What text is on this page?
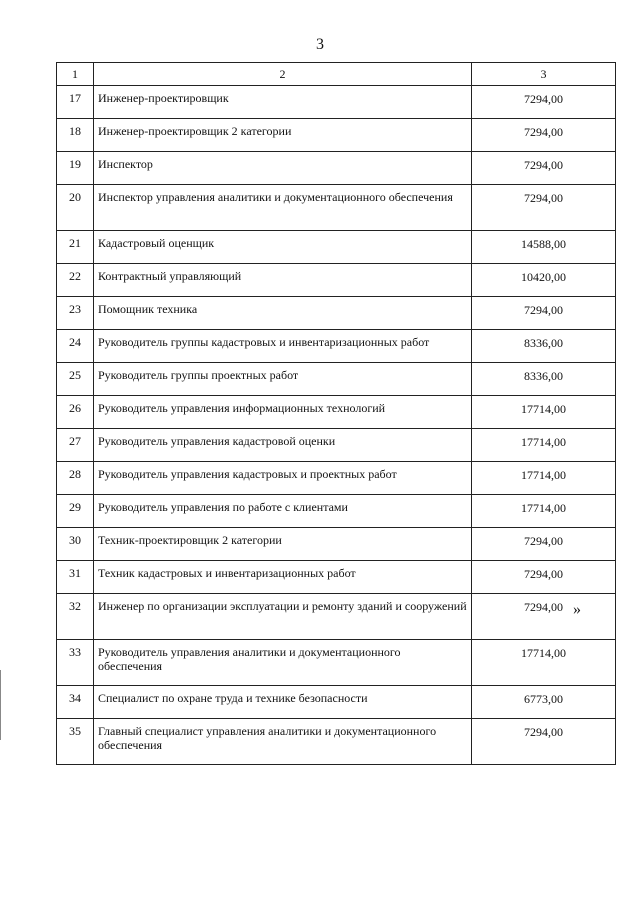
3
1	2	3
17	Инженер-проектировщик	7294,00
18	Инженер-проектировщик 2 категории	7294,00
19	Инспектор	7294,00
20	Инспектор управления аналитики и документационного обеспечения	7294,00
21	Кадастровый оценщик	14588,00
22	Контрактный управляющий	10420,00
23	Помощник техника	7294,00
24	Руководитель группы кадастровых и инвентаризационных работ	8336,00
25	Руководитель группы проектных работ	8336,00
26	Руководитель управления информационных технологий	17714,00
27	Руководитель управления кадастровой оценки	17714,00
28	Руководитель управления кадастровых и проектных работ	17714,00
29	Руководитель управления по работе с клиентами	17714,00
30	Техник-проектировщик 2 категории	7294,00
31	Техник кадастровых и инвентаризационных работ	7294,00
32	Инженер по организации эксплуатации и ремонту зданий и сооружений	7294,00
33	Руководитель управления аналитики и документационного обеспечения	17714,00
34	Специалист по охране труда и технике безопасности	6773,00
35	Главный специалист управления аналитики и документационного обеспечения	7294,00
»
